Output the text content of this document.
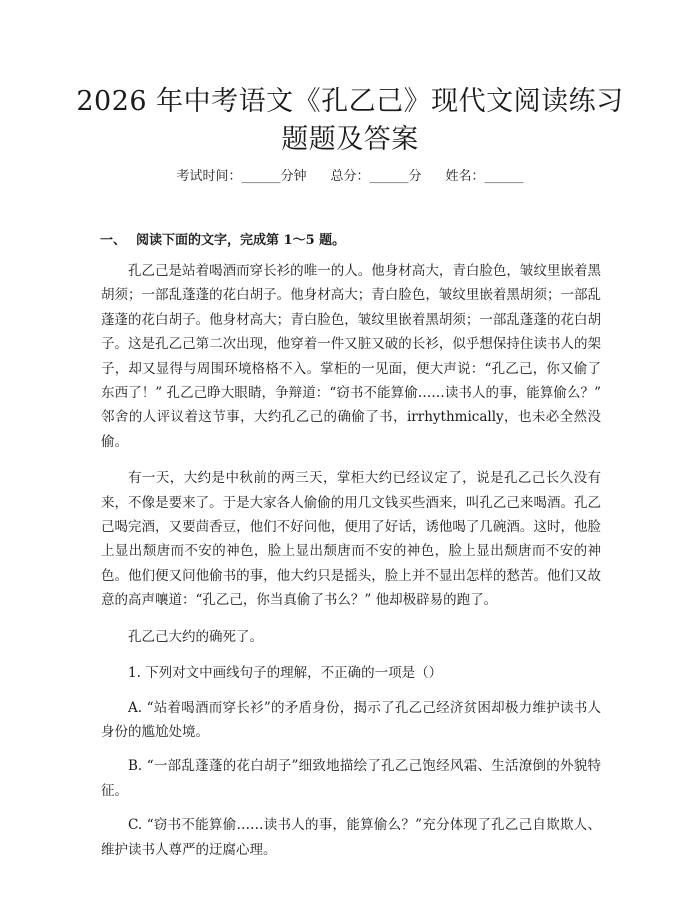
2026 年中考语文《孔乙己》现代文阅读练习
题题及答案
考试时间：______分钟 总分：______分 姓名：______
一、 阅读下面的文字，完成第 1～5 题。

孔乙己是站着喝酒而穿长衫的唯一的人。他身材高大，青白脸色，皱纹里嵌着黑胡须；一部乱蓬蓬的花白胡子。他身材高大；青白脸色，皱纹里嵌着黑胡须；一部乱蓬蓬的花白胡子。他身材高大；青白脸色，皱纹里嵌着黑胡须；一部乱蓬蓬的花白胡子。这是孔乙己第二次出现，他穿着一件又脏又破的长衫，似乎想保持住读书人的架子，却又显得与周围环境格格不入。掌柜的一见面，便大声说：“孔乙己，你又偷了东西了！” 孔乙己睁大眼睛，争辩道：“窃书不能算偷……读书人的事，能算偷么？” 邻舍的人评议着这节事，大约孔乙己的确偷了书，irrhythmically，也未必全然没偷。

有一天，大约是中秋前的两三天，掌柜大约已经议定了，说是孔乙己长久没有来，不像是要来了。于是大家各人偷偷的用几文钱买些酒来，叫孔乙己来喝酒。孔乙己喝完酒，又要茴香豆，他们不好问他，便用了好话，诱他喝了几碗酒。这时，他脸上显出颓唐而不安的神色，脸上显出颓唐而不安的神色，脸上显出颓唐而不安的神色。他们便又问他偷书的事，他大约只是摇头，脸上并不显出怎样的愁苦。他们又故意的高声嚷道：“孔乙己，你当真偷了书么？” 他却极辟易的跑了。

孔乙己大约的确死了。

1. 下列对文中画线句子的理解，不正确的一项是（）

A. “站着喝酒而穿长衫”的矛盾身份，揭示了孔乙己经济贫困却极力维护读书人身份的尴尬处境。

B. “一部乱蓬蓬的花白胡子”细致地描绘了孔乙己饱经风霜、生活潦倒的外貌特征。

C. “窃书不能算偷……读书人的事，能算偷么？”充分体现了孔乙己自欺欺人、维护读书人尊严的迂腐心理。
